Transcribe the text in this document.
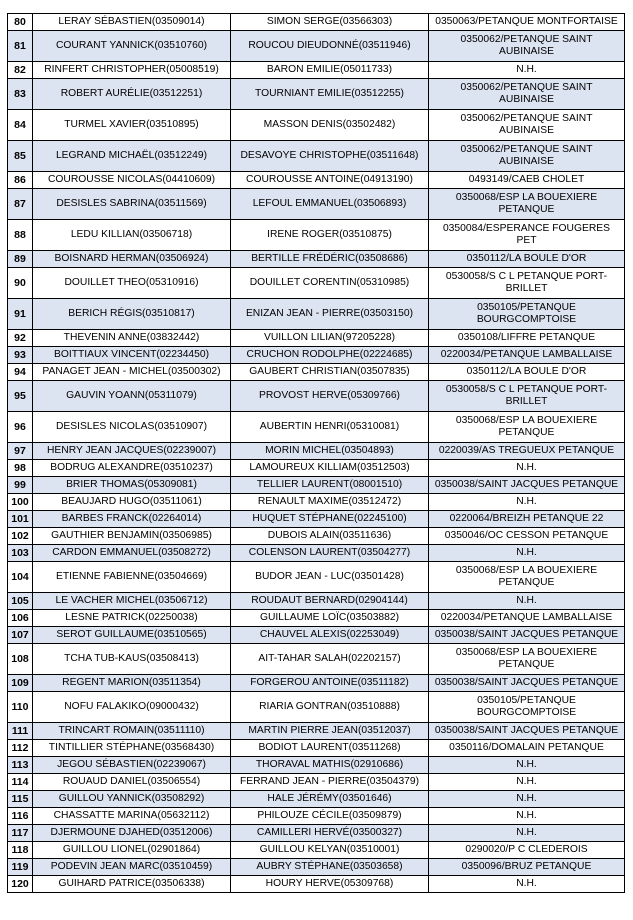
80	LERAY SÉBASTIEN(03509014)	SIMON SERGE(03566303)	0350063/PETANQUE MONTFORTAISE
81	COURANT YANNICK(03510760)	ROUCOU DIEUDONNÉ(03511946)	0350062/PETANQUE SAINT AUBINAISE
82	RINFERT CHRISTOPHER(05008519)	BARON EMILIE(05011733)	N.H.
83	ROBERT AURÉLIE(03512251)	TOURNIANT EMILIE(03512255)	0350062/PETANQUE SAINT AUBINAISE
84	TURMEL XAVIER(03510895)	MASSON DENIS(03502482)	0350062/PETANQUE SAINT AUBINAISE
85	LEGRAND MICHAËL(03512249)	DESAVOYE CHRISTOPHE(03511648)	0350062/PETANQUE SAINT AUBINAISE
86	COUROUSSE NICOLAS(04410609)	COUROUSSE ANTOINE(04913190)	0493149/CAEB CHOLET
87	DESISLES SABRINA(03511569)	LEFOUL EMMANUEL(03506893)	0350068/ESP LA BOUEXIERE PETANQUE
88	LEDU KILLIAN(03506718)	IRENE ROGER(03510875)	0350084/ESPERANCE FOUGERES PET
89	BOISNARD HERMAN(03506924)	BERTILLE FRÉDÉRIC(03508686)	0350112/LA BOULE D'OR
90	DOUILLET THEO(05310916)	DOUILLET CORENTIN(05310985)	0530058/S C L PETANQUE PORT-BRILLET
91	BERICH RÉGIS(03510817)	ENIZAN JEAN - PIERRE(03503150)	0350105/PETANQUE BOURGCOMPTOISE
92	THEVENIN ANNE(03832442)	VUILLON LILIAN(97205228)	0350108/LIFFRE PETANQUE
93	BOITTIAUX VINCENT(02234450)	CRUCHON RODOLPHE(02224685)	0220034/PETANQUE LAMBALLAISE
94	PANAGET JEAN - MICHEL(03500302)	GAUBERT CHRISTIAN(03507835)	0350112/LA BOULE D'OR
95	GAUVIN YOANN(05311079)	PROVOST HERVE(05309766)	0530058/S C L PETANQUE PORT-BRILLET
96	DESISLES NICOLAS(03510907)	AUBERTIN HENRI(05310081)	0350068/ESP LA BOUEXIERE PETANQUE
97	HENRY JEAN JACQUES(02239007)	MORIN MICHEL(03504893)	0220039/AS TREGUEUX PETANQUE
98	BODRUG ALEXANDRE(03510237)	LAMOUREUX KILLIAM(03512503)	N.H.
99	BRIER THOMAS(05309081)	TELLIER LAURENT(08001510)	0350038/SAINT JACQUES PETANQUE
100	BEAUJARD HUGO(03511061)	RENAULT MAXIME(03512472)	N.H.
101	BARBES FRANCK(02264014)	HUQUET STÉPHANE(02245100)	0220064/BREIZH PETANQUE 22
102	GAUTHIER BENJAMIN(03506985)	DUBOIS ALAIN(03511636)	0350046/OC CESSON PETANQUE
103	CARDON EMMANUEL(03508272)	COLENSON LAURENT(03504277)	N.H.
104	ETIENNE FABIENNE(03504669)	BUDOR JEAN - LUC(03501428)	0350068/ESP LA BOUEXIERE PETANQUE
105	LE VACHER MICHEL(03506712)	ROUDAUT BERNARD(02904144)	N.H.
106	LESNE PATRICK(02250038)	GUILLAUME LOÏC(03503882)	0220034/PETANQUE LAMBALLAISE
107	SEROT GUILLAUME(03510565)	CHAUVEL ALEXIS(02253049)	0350038/SAINT JACQUES PETANQUE
108	TCHA TUB-KAUS(03508413)	AIT-TAHAR SALAH(02202157)	0350068/ESP LA BOUEXIERE PETANQUE
109	REGENT MARION(03511354)	FORGEROU ANTOINE(03511182)	0350038/SAINT JACQUES PETANQUE
110	NOFU FALAKIKO(09000432)	RIARIA GONTRAN(03510888)	0350105/PETANQUE BOURGCOMPTOISE
111	TRINCART ROMAIN(03511110)	MARTIN PIERRE JEAN(03512037)	0350038/SAINT JACQUES PETANQUE
112	TINTILLIER STÉPHANE(03568430)	BODIOT LAURENT(03511268)	0350116/DOMALAIN PETANQUE
113	JEGOU SÉBASTIEN(02239067)	THORAVAL MATHIS(02910686)	N.H.
114	ROUAUD DANIEL(03506554)	FERRAND JEAN - PIERRE(03504379)	N.H.
115	GUILLOU YANNICK(03508292)	HALE JÉRÉMY(03501646)	N.H.
116	CHASSATTE MARINA(05632112)	PHILOUZE CÉCILE(03509879)	N.H.
117	DJERMOUNE DJAHED(03512006)	CAMILLERI HERVÉ(03500327)	N.H.
118	GUILLOU LIONEL(02901864)	GUILLOU KELYAN(03510001)	0290020/P C CLEDEROIS
119	PODEVIN JEAN MARC(03510459)	AUBRY STÉPHANE(03503658)	0350096/BRUZ PETANQUE
120	GUIHARD PATRICE(03506338)	HOURY HERVE(05309768)	N.H.
